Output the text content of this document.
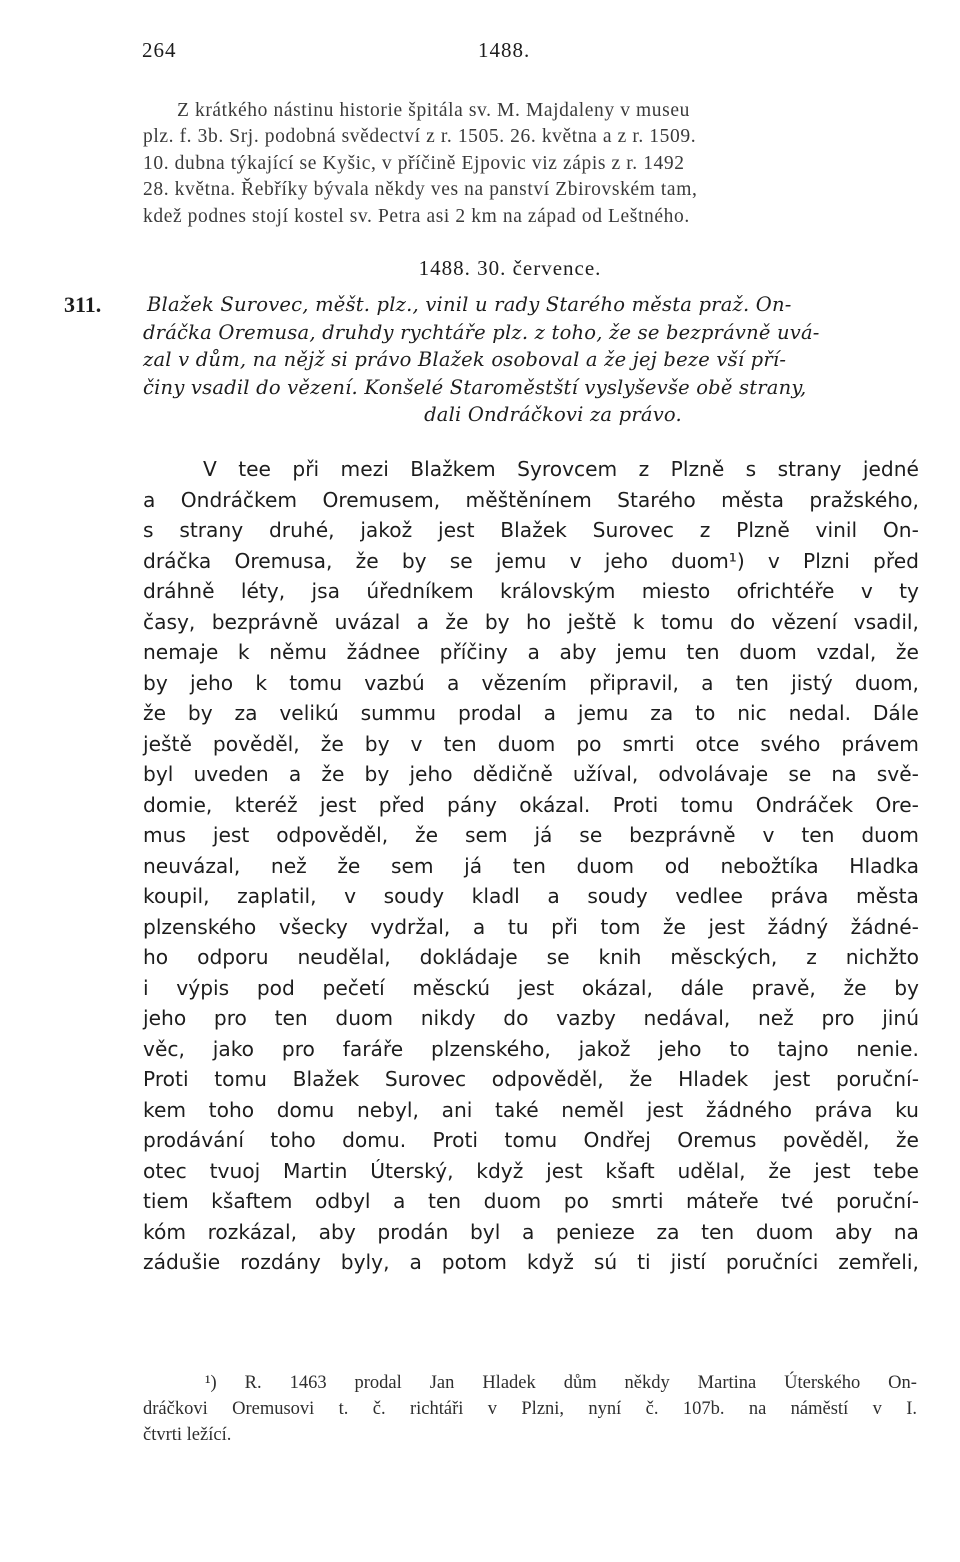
264	1488.
Z krátkého nástinu historie špitála sv. M. Majdaleny v museu
plz. f. 3b. Srj. podobná svědectví z r. 1505. 26. května a z r. 1509.
10. dubna týkající se Kyšic, v příčině Ejpovic viz zápis z r. 1492
28. května. Řebříky bývala někdy ves na panství Zbirovském tam,
kdež podnes stojí kostel sv. Petra asi 2 km na západ od Leštného.
1488. 30. července.
311. Blažek Surovec, měšt. plz., vinil u rady Starého města praž. On-
dráčka Oremusa, druhdy rychtáře plz. z toho, že se bezprávně uvá-
zal v dům, na nějž si právo Blažek osoboval a že jej beze vší pří-
činy vsadil do vězení. Konšelé Staroměstští vyslyševše obě strany,
dali Ondráčkovi za právo.
V tee při mezi Blažkem Syrovcem z Plzně s strany jedné
a Ondráčkem Oremusem, měštěnínem Starého města pražského,
s strany druhé, jakož jest Blažek Surovec z Plzně vinil On-
dráčka Oremusa, že by se jemu v jeho duom¹) v Plzni před
dráhně léty, jsa úředníkem královským miesto ofrichtéře v ty
časy, bezprávně uvázal a že by ho ještě k tomu do vězení vsadil,
nemaje k němu žádnee příčiny a aby jemu ten duom vzdal, že
by jeho k tomu vazbú a vězením připravil, a ten jistý duom,
že by za velikú summu prodal a jemu za to nic nedal. Dále
ještě pověděl, že by v ten duom po smrti otce svého právem
byl uveden a že by jeho dědičně užíval, odvolávaje se na svě-
domie, kteréž jest před pány okázal. Proti tomu Ondráček Ore-
mus jest odpověděl, že sem já se bezprávně v ten duom
neuvázal, než že sem já ten duom od nebožtíka Hladka
koupil, zaplatil, v soudy kladl a soudy vedlee práva města
plzenského všecky vydržal, a tu při tom že jest žádný žádné-
ho odporu neudělal, dokládaje se knih měsckých, z nichžto
i výpis pod pečetí měsckú jest okázal, dále pravě, že by
jeho pro ten duom nikdy do vazby nedával, než pro jinú
věc, jako pro faráře plzenského, jakož jeho to tajno nenie.
Proti tomu Blažek Surovec odpověděl, že Hladek jest poruční-
kem toho domu nebyl, ani také neměl jest žádného práva ku
prodávání toho domu. Proti tomu Ondřej Oremus pověděl, že
otec tvuoj Martin Úterský, když jest kšaft udělal, že jest tebe
tiem kšaftem odbyl a ten duom po smrti máteře tvé poruční-
kóm rozkázal, aby prodán byl a penieze za ten duom aby na
zádušie rozdány byly, a potom když sú ti jistí poručníci zemřeli,
¹) R. 1463 prodal Jan Hladek dům někdy Martina Úterského On-
dráčkovi Oremusovi t. č. richtáři v Plzni, nyní č. 107b. na náměstí v I.
čtvrti ležící.
